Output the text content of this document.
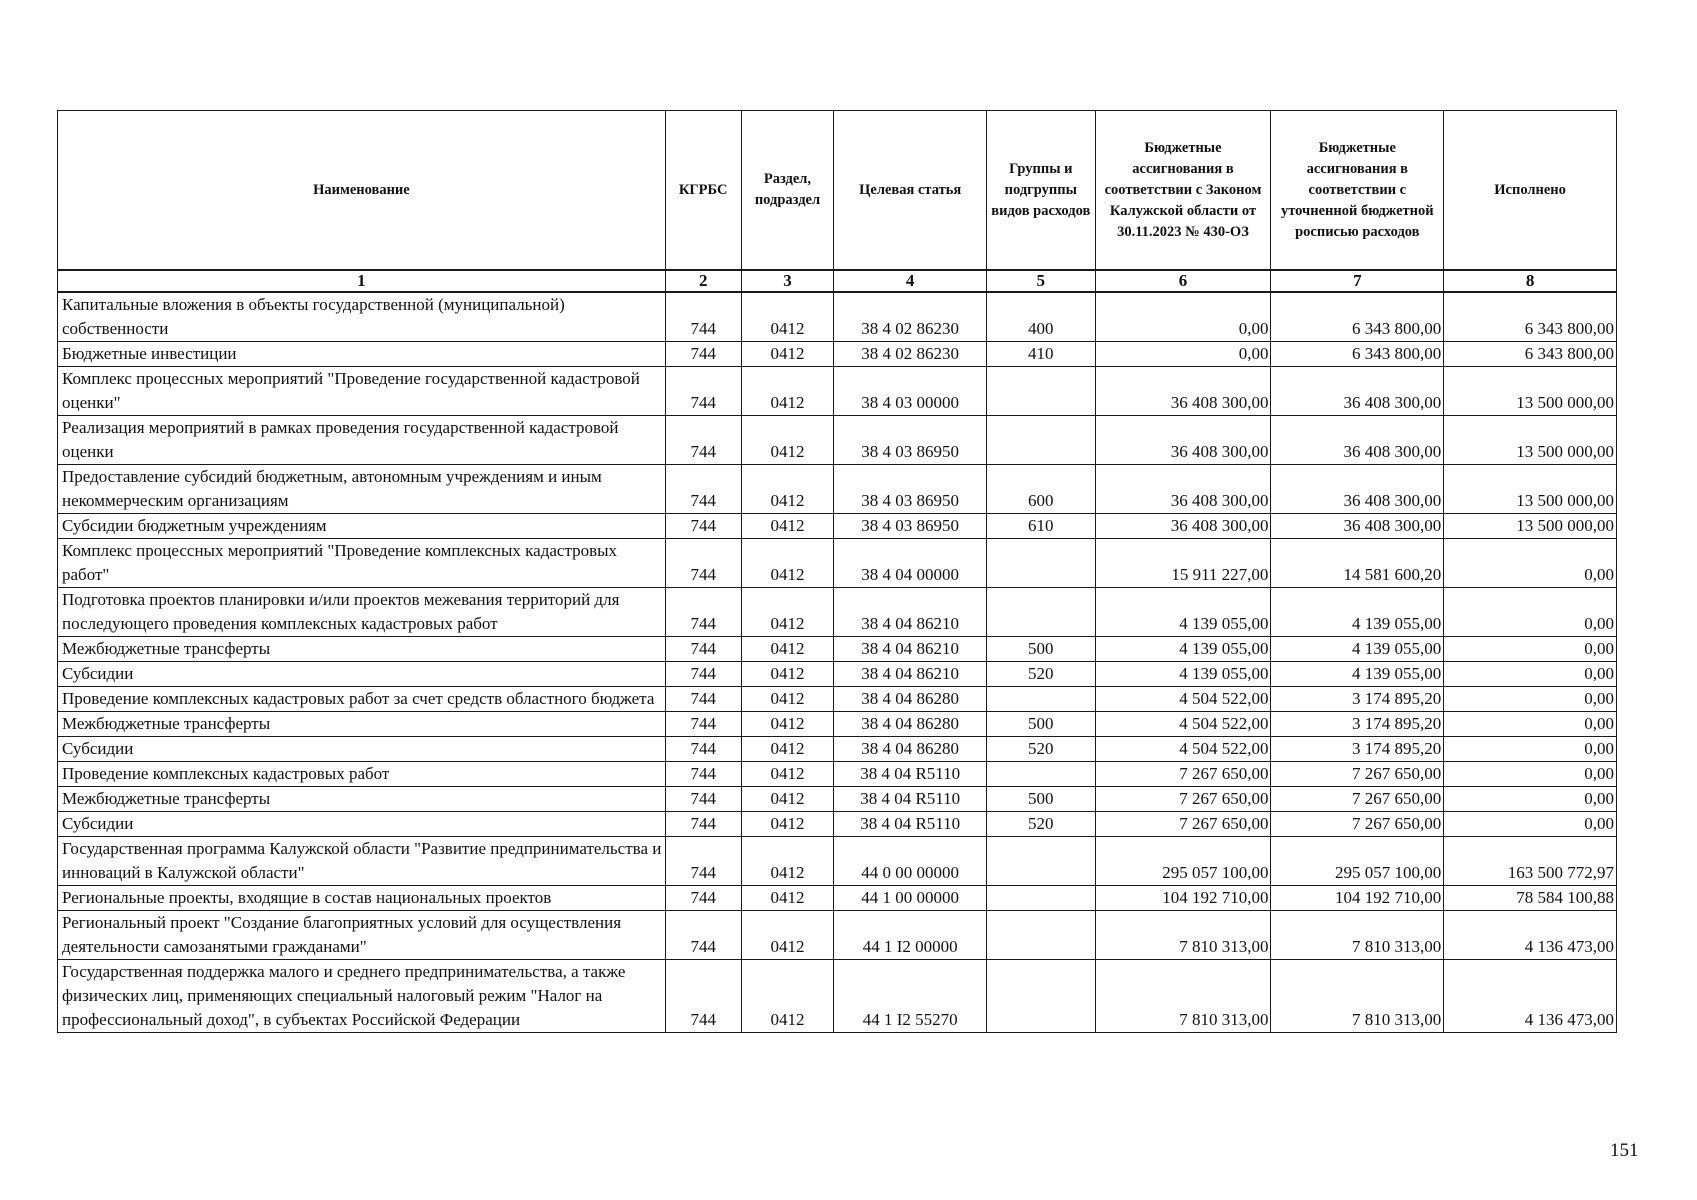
Наименование	КГРБС	Раздел, подраздел	Целевая статья	Группы и подгруппы видов расходов	Бюджетные ассигнования в соответствии с Законом Калужской области от 30.11.2023 № 430-ОЗ	Бюджетные ассигнования в соответствии с уточненной бюджетной росписью расходов	Исполнено
1	2	3	4	5	6	7	8
Капитальные вложения в объекты государственной (муниципальной) собственности	744	0412	38 4 02 86230	400	0,00	6 343 800,00	6 343 800,00
Бюджетные инвестиции	744	0412	38 4 02 86230	410	0,00	6 343 800,00	6 343 800,00
Комплекс процессных мероприятий "Проведение государственной кадастровой оценки"	744	0412	38 4 03 00000		36 408 300,00	36 408 300,00	13 500 000,00
Реализация мероприятий в рамках проведения государственной кадастровой оценки	744	0412	38 4 03 86950		36 408 300,00	36 408 300,00	13 500 000,00
Предоставление субсидий бюджетным, автономным учреждениям и иным некоммерческим организациям	744	0412	38 4 03 86950	600	36 408 300,00	36 408 300,00	13 500 000,00
Субсидии бюджетным учреждениям	744	0412	38 4 03 86950	610	36 408 300,00	36 408 300,00	13 500 000,00
Комплекс процессных мероприятий "Проведение комплексных кадастровых работ"	744	0412	38 4 04 00000		15 911 227,00	14 581 600,20	0,00
Подготовка проектов планировки и/или проектов межевания территорий для последующего проведения комплексных кадастровых работ	744	0412	38 4 04 86210		4 139 055,00	4 139 055,00	0,00
Межбюджетные трансферты	744	0412	38 4 04 86210	500	4 139 055,00	4 139 055,00	0,00
Субсидии	744	0412	38 4 04 86210	520	4 139 055,00	4 139 055,00	0,00
Проведение комплексных кадастровых работ за счет средств областного бюджета	744	0412	38 4 04 86280		4 504 522,00	3 174 895,20	0,00
Межбюджетные трансферты	744	0412	38 4 04 86280	500	4 504 522,00	3 174 895,20	0,00
Субсидии	744	0412	38 4 04 86280	520	4 504 522,00	3 174 895,20	0,00
Проведение комплексных кадастровых работ	744	0412	38 4 04 R5110		7 267 650,00	7 267 650,00	0,00
Межбюджетные трансферты	744	0412	38 4 04 R5110	500	7 267 650,00	7 267 650,00	0,00
Субсидии	744	0412	38 4 04 R5110	520	7 267 650,00	7 267 650,00	0,00
Государственная программа Калужской области "Развитие предпринимательства и инноваций в Калужской области"	744	0412	44 0 00 00000		295 057 100,00	295 057 100,00	163 500 772,97
Региональные проекты, входящие в состав национальных проектов	744	0412	44 1 00 00000		104 192 710,00	104 192 710,00	78 584 100,88
Региональный проект "Создание благоприятных условий для осуществления деятельности самозанятыми гражданами"	744	0412	44 1 I2 00000		7 810 313,00	7 810 313,00	4 136 473,00
Государственная поддержка малого и среднего предпринимательства, а также физических лиц, применяющих специальный налоговый режим "Налог на профессиональный доход", в субъектах Российской Федерации	744	0412	44 1 I2 55270		7 810 313,00	7 810 313,00	4 136 473,00
151
